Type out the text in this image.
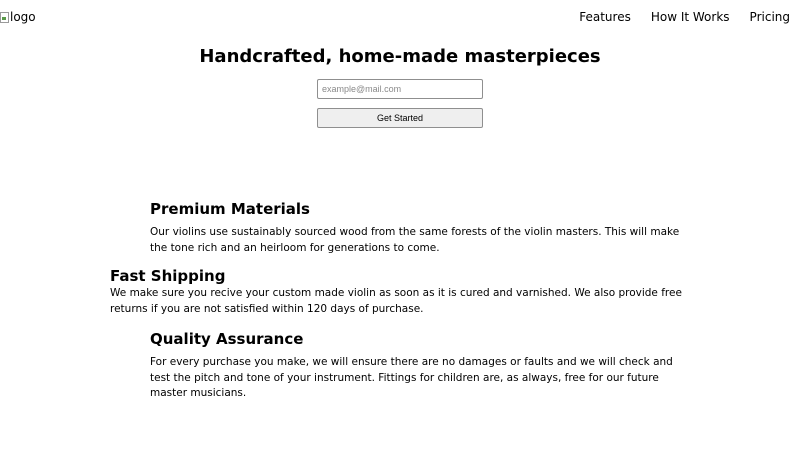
logo	Features How It Works Pricing
Handcrafted, home-made masterpieces
example@mail.com
Get Started
Premium Materials

Our violins use sustainably sourced wood from the same forests of the violin masters. This will make the tone rich and an heirloom for generations to come.

Fast Shipping

We make sure you recive your custom made violin as soon as it is cured and varnished. We also provide free returns if you are not satisfied within 120 days of purchase.

Quality Assurance

For every purchase you make, we will ensure there are no damages or faults and we will check and test the pitch and tone of your instrument. Fittings for children are, as always, free for our future master musicians.
